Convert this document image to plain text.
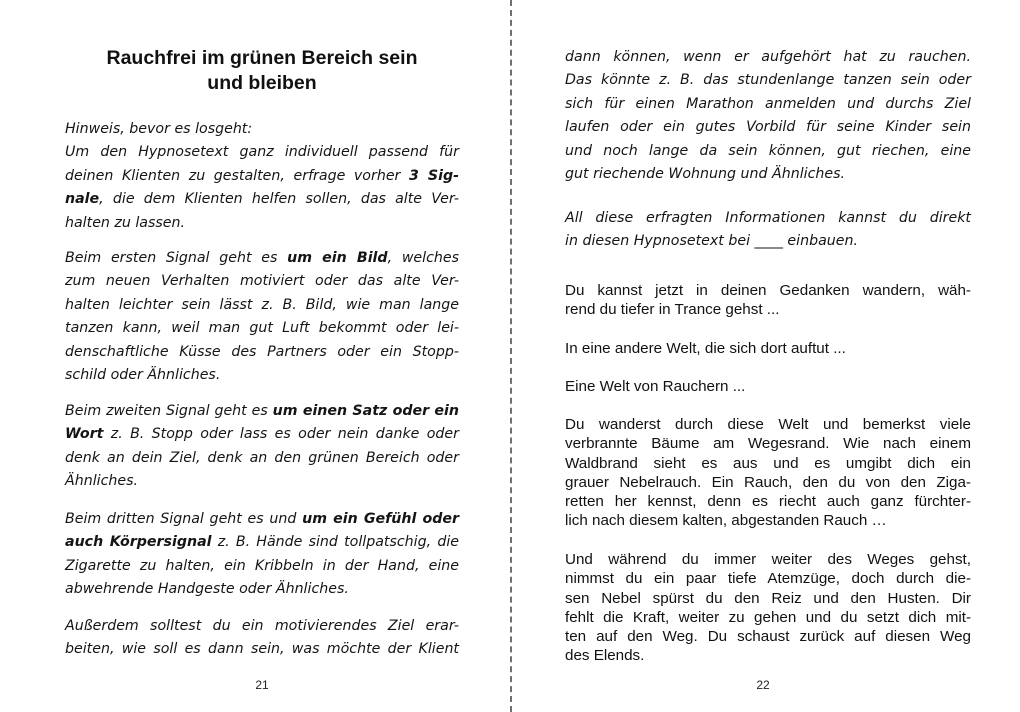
Rauchfrei im grünen Bereich sein
und bleiben
Hinweis, bevor es losgeht:
Um den Hypnosetext ganz individuell passend für
deinen Klienten zu gestalten, erfrage vorher 3 Sig-
nale, die dem Klienten helfen sollen, das alte Ver-
halten zu lassen.
Beim ersten Signal geht es um ein Bild, welches
zum neuen Verhalten motiviert oder das alte Ver-
halten leichter sein lässt z. B. Bild, wie man lange
tanzen kann, weil man gut Luft bekommt oder lei-
denschaftliche Küsse des Partners oder ein Stopp-
schild oder Ähnliches.
Beim zweiten Signal geht es um einen Satz oder ein
Wort z. B. Stopp oder lass es oder nein danke oder
denk an dein Ziel, denk an den grünen Bereich oder
Ähnliches.
Beim dritten Signal geht es und um ein Gefühl oder
auch Körpersignal z. B. Hände sind tollpatschig, die
Zigarette zu halten, ein Kribbeln in der Hand, eine
abwehrende Handgeste oder Ähnliches.
Außerdem solltest du ein motivierendes Ziel erar-
beiten, wie soll es dann sein, was möchte der Klient
21
dann können, wenn er aufgehört hat zu rauchen.
Das könnte z. B. das stundenlange tanzen sein oder
sich für einen Marathon anmelden und durchs Ziel
laufen oder ein gutes Vorbild für seine Kinder sein
und noch lange da sein können, gut riechen, eine
gut riechende Wohnung und Ähnliches.
All diese erfragten Informationen kannst du direkt
in diesen Hypnosetext bei ____ einbauen.
Du kannst jetzt in deinen Gedanken wandern, wäh-
rend du tiefer in Trance gehst ...
In eine andere Welt, die sich dort auftut ...
Eine Welt von Rauchern ...
Du wanderst durch diese Welt und bemerkst viele
verbrannte Bäume am Wegesrand. Wie nach einem
Waldbrand sieht es aus und es umgibt dich ein
grauer Nebelrauch. Ein Rauch, den du von den Ziga-
retten her kennst, denn es riecht auch ganz fürchter-
lich nach diesem kalten, abgestanden Rauch …
Und während du immer weiter des Weges gehst,
nimmst du ein paar tiefe Atemzüge, doch durch die-
sen Nebel spürst du den Reiz und den Husten. Dir
fehlt die Kraft, weiter zu gehen und du setzt dich mit-
ten auf den Weg. Du schaust zurück auf diesen Weg
des Elends.
22
